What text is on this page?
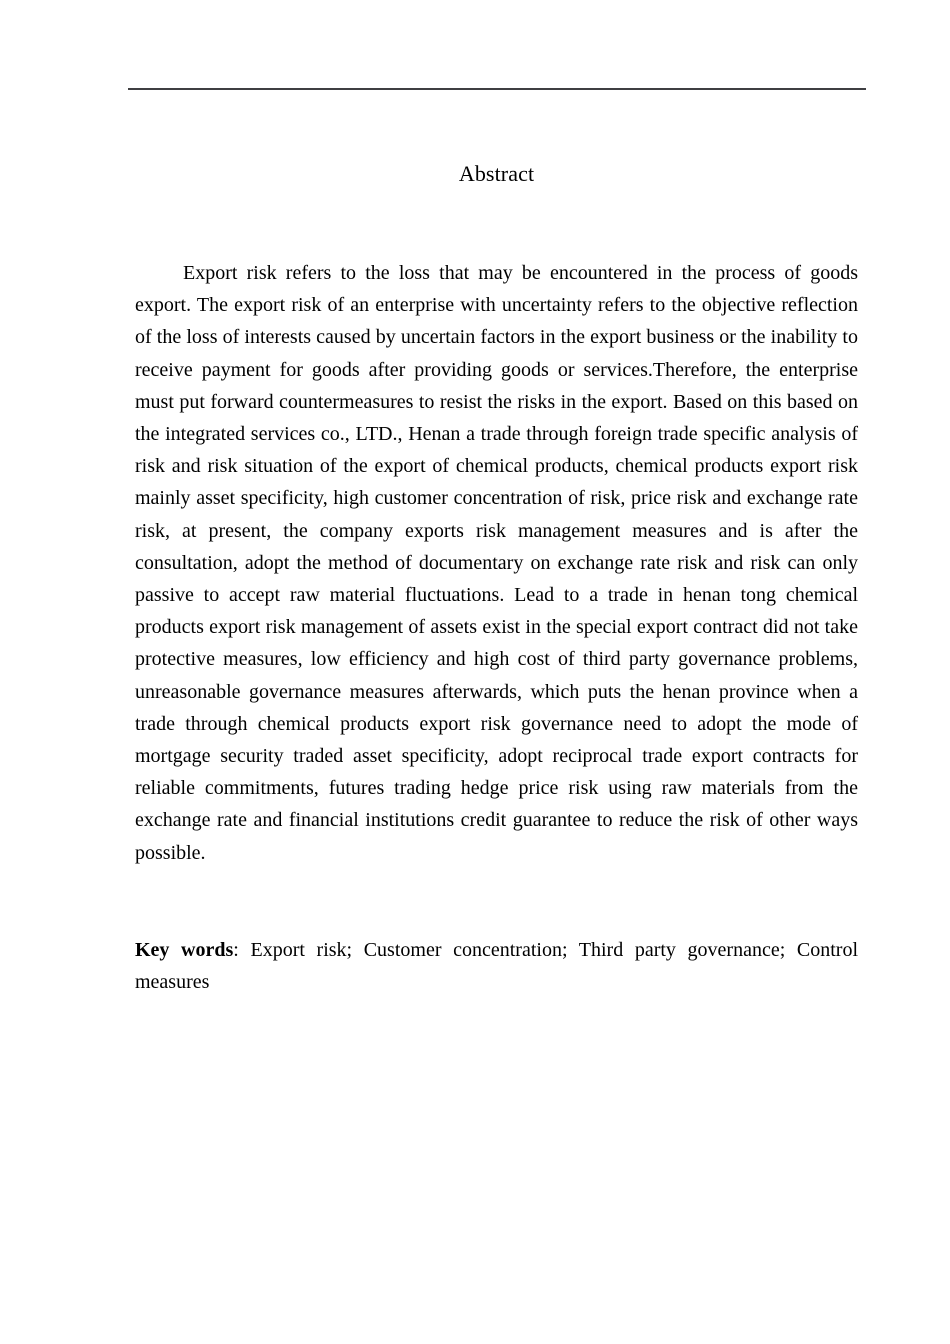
Abstract

Export risk refers to the loss that may be encountered in the process of goods export. The export risk of an enterprise with uncertainty refers to the objective reflection of the loss of interests caused by uncertain factors in the export business or the inability to receive payment for goods after providing goods or services.Therefore, the enterprise must put forward countermeasures to resist the risks in the export. Based on this based on the integrated services co., LTD., Henan a trade through foreign trade specific analysis of risk and risk situation of the export of chemical products, chemical products export risk mainly asset specificity, high customer concentration of risk, price risk and exchange rate risk, at present, the company exports risk management measures and is after the consultation, adopt the method of documentary on exchange rate risk and risk can only passive to accept raw material fluctuations. Lead to a trade in henan tong chemical products export risk management of assets exist in the special export contract did not take protective measures, low efficiency and high cost of third party governance problems, unreasonable governance measures afterwards, which puts the henan province when a trade through chemical products export risk governance need to adopt the mode of mortgage security traded asset specificity, adopt reciprocal trade export contracts for reliable commitments, futures trading hedge price risk using raw materials from the exchange rate and financial institutions credit guarantee to reduce the risk of other ways possible.

Key words: Export risk; Customer concentration; Third party governance; Control measures
